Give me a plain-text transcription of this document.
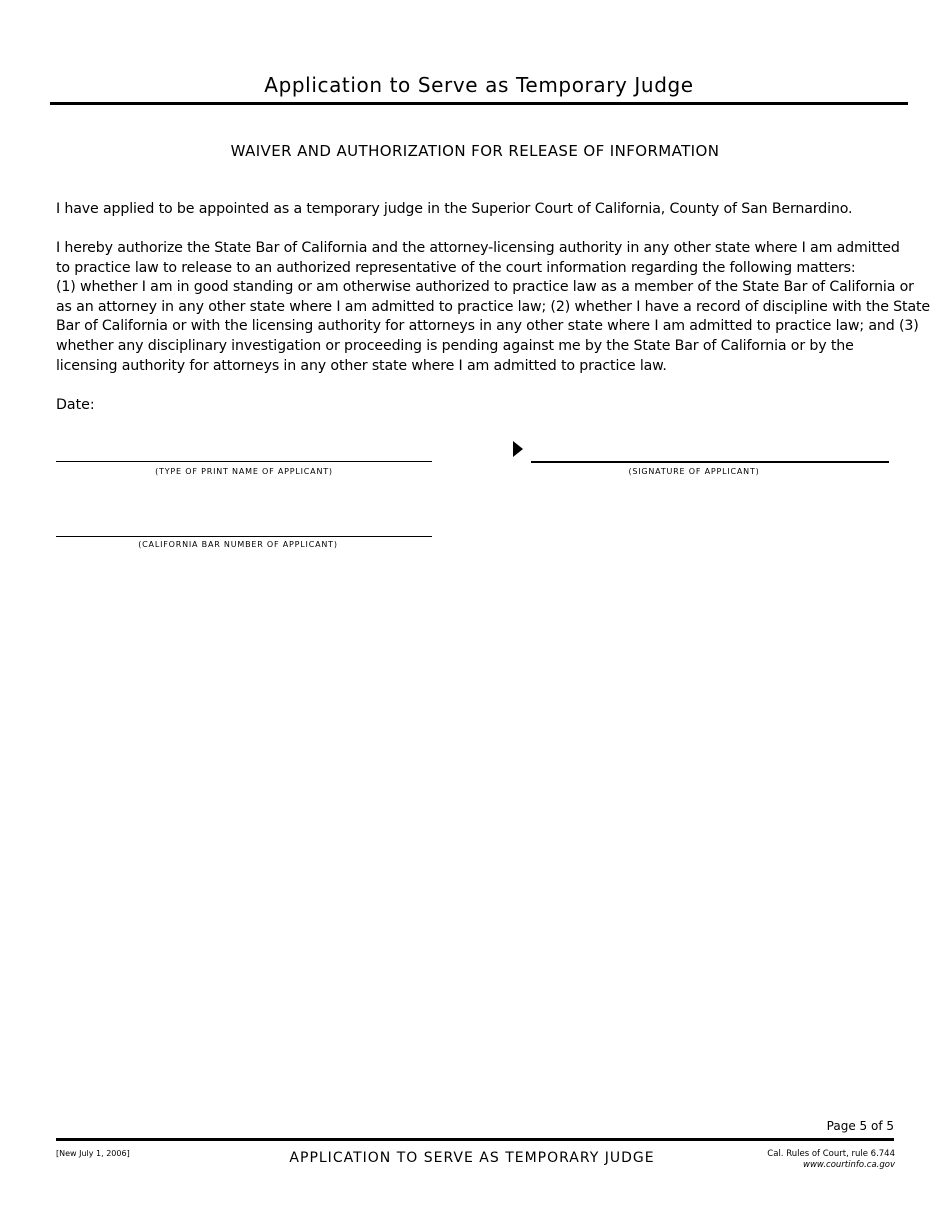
Application to Serve as Temporary Judge
WAIVER AND AUTHORIZATION FOR RELEASE OF INFORMATION
I have applied to be appointed as a temporary judge in the Superior Court of California, County of San Bernardino.
I hereby authorize the State Bar of California and the attorney-licensing authority in any other state where I am admitted
to practice law to release to an authorized representative of the court information regarding the following matters:
(1) whether I am in good standing or am otherwise authorized to practice law as a member of the State Bar of California or
as an attorney in any other state where I am admitted to practice law; (2) whether I have a record of discipline with the State
Bar of California or with the licensing authority for attorneys in any other state where I am admitted to practice law; and (3)
whether any disciplinary investigation or proceeding is pending against me by the State Bar of California or by the
licensing authority for attorneys in any other state where I am admitted to practice law.
Date:
(TYPE OF PRINT NAME OF APPLICANT)	(SIGNATURE OF APPLICANT)
(CALIFORNIA BAR NUMBER OF APPLICANT)
Page 5 of 5
[New July 1, 2006]	APPLICATION TO SERVE AS TEMPORARY JUDGE	Cal. Rules of Court, rule 6.744
www.courtinfo.ca.gov
